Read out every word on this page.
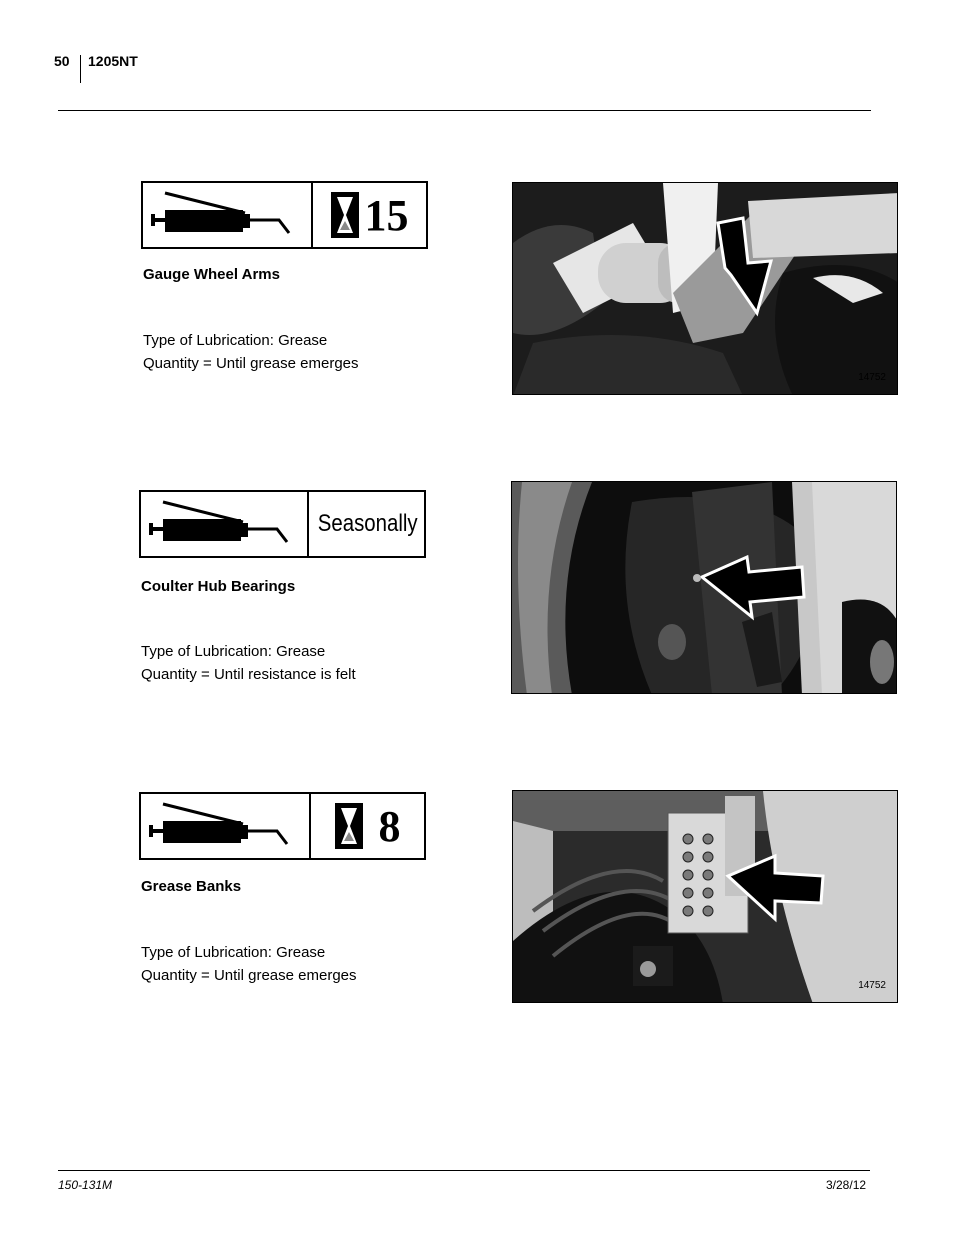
50 1205NT
15
Gauge Wheel Arms
Type of Lubrication: Grease
Quantity = Until grease emerges
14752
Seasonally
Coulter Hub Bearings
Type of Lubrication: Grease
Quantity = Until resistance is felt
8
Grease Banks
Type of Lubrication: Grease
Quantity = Until grease emerges
14752
150-131M	3/28/12
